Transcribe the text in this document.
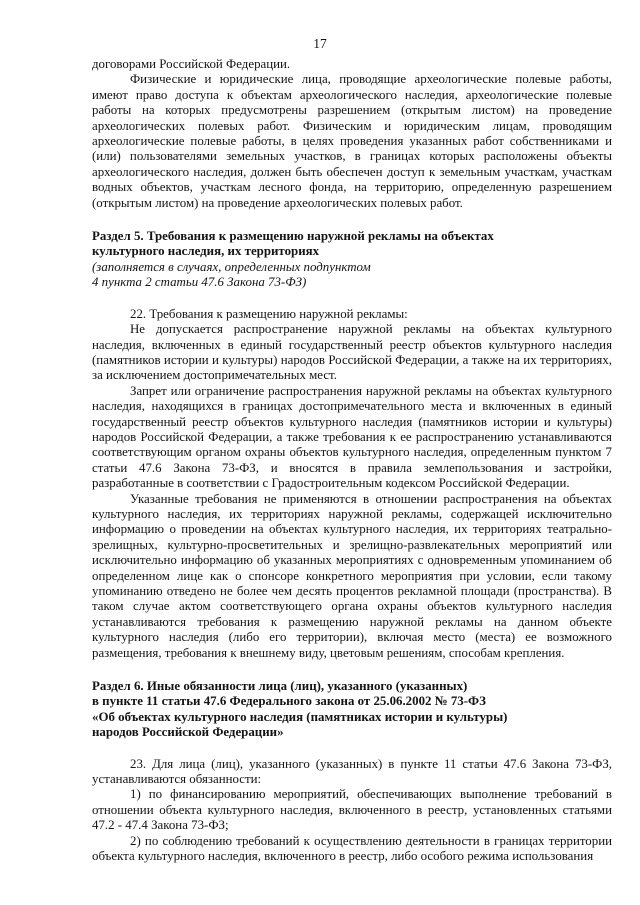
17

договорами Российской Федерации.

Физические и юридические лица, проводящие археологические полевые работы, имеют право доступа к объектам археологического наследия, археологические полевые работы на которых предусмотрены разрешением (открытым листом) на проведение археологических полевых работ. Физическим и юридическим лицам, проводящим археологические полевые работы, в целях проведения указанных работ собственниками и (или) пользователями земельных участков, в границах которых расположены объекты археологического наследия, должен быть обеспечен доступ к земельным участкам, участкам водных объектов, участкам лесного фонда, на территорию, определенную разрешением (открытым листом) на проведение археологических полевых работ.

Раздел 5. Требования к размещению наружной рекламы на объектах

культурного наследия, их территориях

(заполняется в случаях, определенных подпунктом

4 пункта 2 статьи 47.6 Закона 73-ФЗ)

22. Требования к размещению наружной рекламы:

Не допускается распространение наружной рекламы на объектах культурного наследия, включенных в единый государственный реестр объектов культурного наследия (памятников истории и культуры) народов Российской Федерации, а также на их территориях, за исключением достопримечательных мест.

Запрет или ограничение распространения наружной рекламы на объектах культурного наследия, находящихся в границах достопримечательного места и включенных в единый государственный реестр объектов культурного наследия (памятников истории и культуры) народов Российской Федерации, а также требования к ее распространению устанавливаются соответствующим органом охраны объектов культурного наследия, определенным пунктом 7 статьи 47.6 Закона 73-ФЗ, и вносятся в правила землепользования и застройки, разработанные в соответствии с Градостроительным кодексом Российской Федерации.

Указанные требования не применяются в отношении распространения на объектах культурного наследия, их территориях наружной рекламы, содержащей исключительно информацию о проведении на объектах культурного наследия, их территориях театрально-зрелищных, культурно-просветительных и зрелищно-развлекательных мероприятий или исключительно информацию об указанных мероприятиях с одновременным упоминанием об определенном лице как о спонсоре конкретного мероприятия при условии, если такому упоминанию отведено не более чем десять процентов рекламной площади (пространства). В таком случае актом соответствующего органа охраны объектов культурного наследия устанавливаются требования к размещению наружной рекламы на данном объекте культурного наследия (либо его территории), включая место (места) ее возможного размещения, требования к внешнему виду, цветовым решениям, способам крепления.

Раздел 6. Иные обязанности лица (лиц), указанного (указанных)

в пункте 11 статьи 47.6 Федерального закона от 25.06.2002 № 73-ФЗ

«Об объектах культурного наследия (памятниках истории и культуры)

народов Российской Федерации»

23. Для лица (лиц), указанного (указанных) в пункте 11 статьи 47.6 Закона 73-ФЗ, устанавливаются обязанности:

1) по финансированию мероприятий, обеспечивающих выполнение требований в отношении объекта культурного наследия, включенного в реестр, установленных статьями 47.2 - 47.4 Закона 73-ФЗ;

2) по соблюдению требований к осуществлению деятельности в границах территории объекта культурного наследия, включенного в реестр, либо особого режима использования
